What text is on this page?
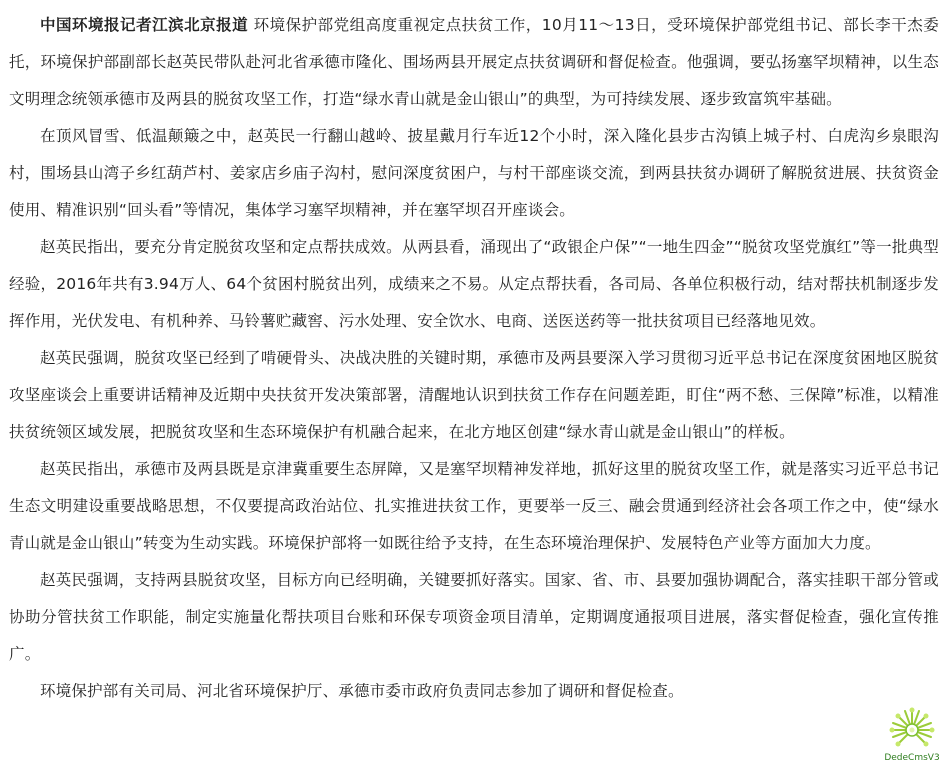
中国环境报记者江滨北京报道 环境保护部党组高度重视定点扶贫工作，10月11～13日，受环境保护部党组书记、部长李干杰委托，环境保护部副部长赵英民带队赴河北省承德市隆化、围场两县开展定点扶贫调研和督促检查。他强调，要弘扬塞罕坝精神，以生态文明理念统领承德市及两县的脱贫攻坚工作，打造“绿水青山就是金山银山”的典型，为可持续发展、逐步致富筑牢基础。

在顶风冒雪、低温颠簸之中，赵英民一行翻山越岭、披星戴月行车近12个小时，深入隆化县步古沟镇上城子村、白虎沟乡泉眼沟村，围场县山湾子乡红葫芦村、姜家店乡庙子沟村，慰问深度贫困户，与村干部座谈交流，到两县扶贫办调研了解脱贫进展、扶贫资金使用、精准识别“回头看”等情况，集体学习塞罕坝精神，并在塞罕坝召开座谈会。

赵英民指出，要充分肯定脱贫攻坚和定点帮扶成效。从两县看，涌现出了“政银企户保”“一地生四金”“脱贫攻坚党旗红”等一批典型经验，2016年共有3.94万人、64个贫困村脱贫出列，成绩来之不易。从定点帮扶看，各司局、各单位积极行动，结对帮扶机制逐步发挥作用，光伏发电、有机种养、马铃薯贮藏窖、污水处理、安全饮水、电商、送医送药等一批扶贫项目已经落地见效。

赵英民强调，脱贫攻坚已经到了啃硬骨头、决战决胜的关键时期，承德市及两县要深入学习贯彻习近平总书记在深度贫困地区脱贫攻坚座谈会上重要讲话精神及近期中央扶贫开发决策部署，清醒地认识到扶贫工作存在问题差距，盯住“两不愁、三保障”标准，以精准扶贫统领区域发展，把脱贫攻坚和生态环境保护有机融合起来，在北方地区创建“绿水青山就是金山银山”的样板。

赵英民指出，承德市及两县既是京津冀重要生态屏障，又是塞罕坝精神发祥地，抓好这里的脱贫攻坚工作，就是落实习近平总书记生态文明建设重要战略思想，不仅要提高政治站位、扎实推进扶贫工作，更要举一反三、融会贯通到经济社会各项工作之中，使“绿水青山就是金山银山”转变为生动实践。环境保护部将一如既往给予支持，在生态环境治理保护、发展特色产业等方面加大力度。

赵英民强调，支持两县脱贫攻坚，目标方向已经明确，关键要抓好落实。国家、省、市、县要加强协调配合，落实挂职干部分管或协助分管扶贫工作职能，制定实施量化帮扶项目台账和环保专项资金项目清单，定期调度通报项目进展，落实督促检查，强化宣传推广。

环境保护部有关司局、河北省环境保护厅、承德市委市政府负责同志参加了调研和督促检查。

DedeCmsV3
